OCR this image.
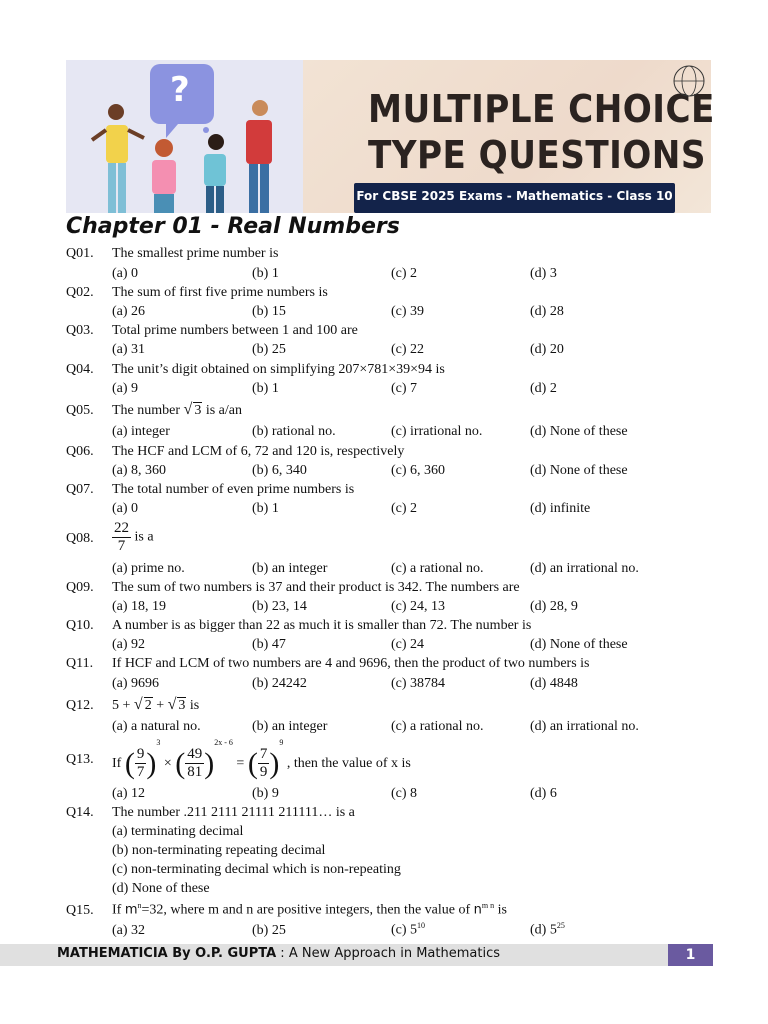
?	MULTIPLE CHOICE
TYPE QUESTIONS
For CBSE 2025 Exams - Mathematics - Class 10
Chapter 01 - Real Numbers
Q01. The smallest prime number is
(a) 0	(b) 1	(c) 2	(d) 3
Q02. The sum of first five prime numbers is
(a) 26	(b) 15	(c) 39	(d) 28
Q03. Total prime numbers between 1 and 100 are
(a) 31	(b) 25	(c) 22	(d) 20
Q04. The unit’s digit obtained on simplifying 207×781×39×94 is
(a) 9	(b) 1	(c) 7	(d) 2
Q05. The number √ 3 is a/an
(a) integer	(b) rational no.	(c) irrational no.	(d) None of these
Q06. The HCF and LCM of 6, 72 and 120 is, respectively
(a) 8, 360	(b) 6, 340	(c) 6, 360	(d) None of these
Q07. The total number of even prime numbers is
(a) 0	(b) 1	(c) 2	(d) infinite
Q08. $\frac{22}{7}$ is a
(a) prime no.	(b) an integer	(c) a rational no.	(d) an irrational no.
Q09. The sum of two numbers is 37 and their product is 342. The numbers are
(a) 18, 19	(b) 23, 14	(c) 24, 13	(d) 28, 9
Q10. A number is as bigger than 22 as much it is smaller than 72. The number is
(a) 92	(b) 47	(c) 24	(d) None of these
Q11. If HCF and LCM of two numbers are 4 and 9696, then the product of two numbers is
(a) 9696	(b) 24242	(c) 38784	(d) 4848
Q12. 5 + √ 2 + √ 3 is
(a) a natural no.	(b) an integer	(c) a rational no.	(d) an irrational no.
Q13. If ( $\frac{9}{7} )^3$ × ( $\frac{49}{81} )^{2x - 6}$ = ( $\frac{7}{9} )^9$ , then the value of x is
(a) 12	(b) 9	(c) 8	(d) 6
Q14. The number .211 2111 21111 211111… is a
(a) terminating decimal
(b) non-terminating repeating decimal
(c) non-terminating decimal which is non-repeating
(d) None of these
Q15. If $m^n=32$, where m and n are positive integers, then the value of $n^{m n}$ is
(a) 32	(b) 25	(c) $5^{10}$	(d) $5^{25}$
MATHEMATICIA By O.P. GUPTA : A New Approach in Mathematics	1
